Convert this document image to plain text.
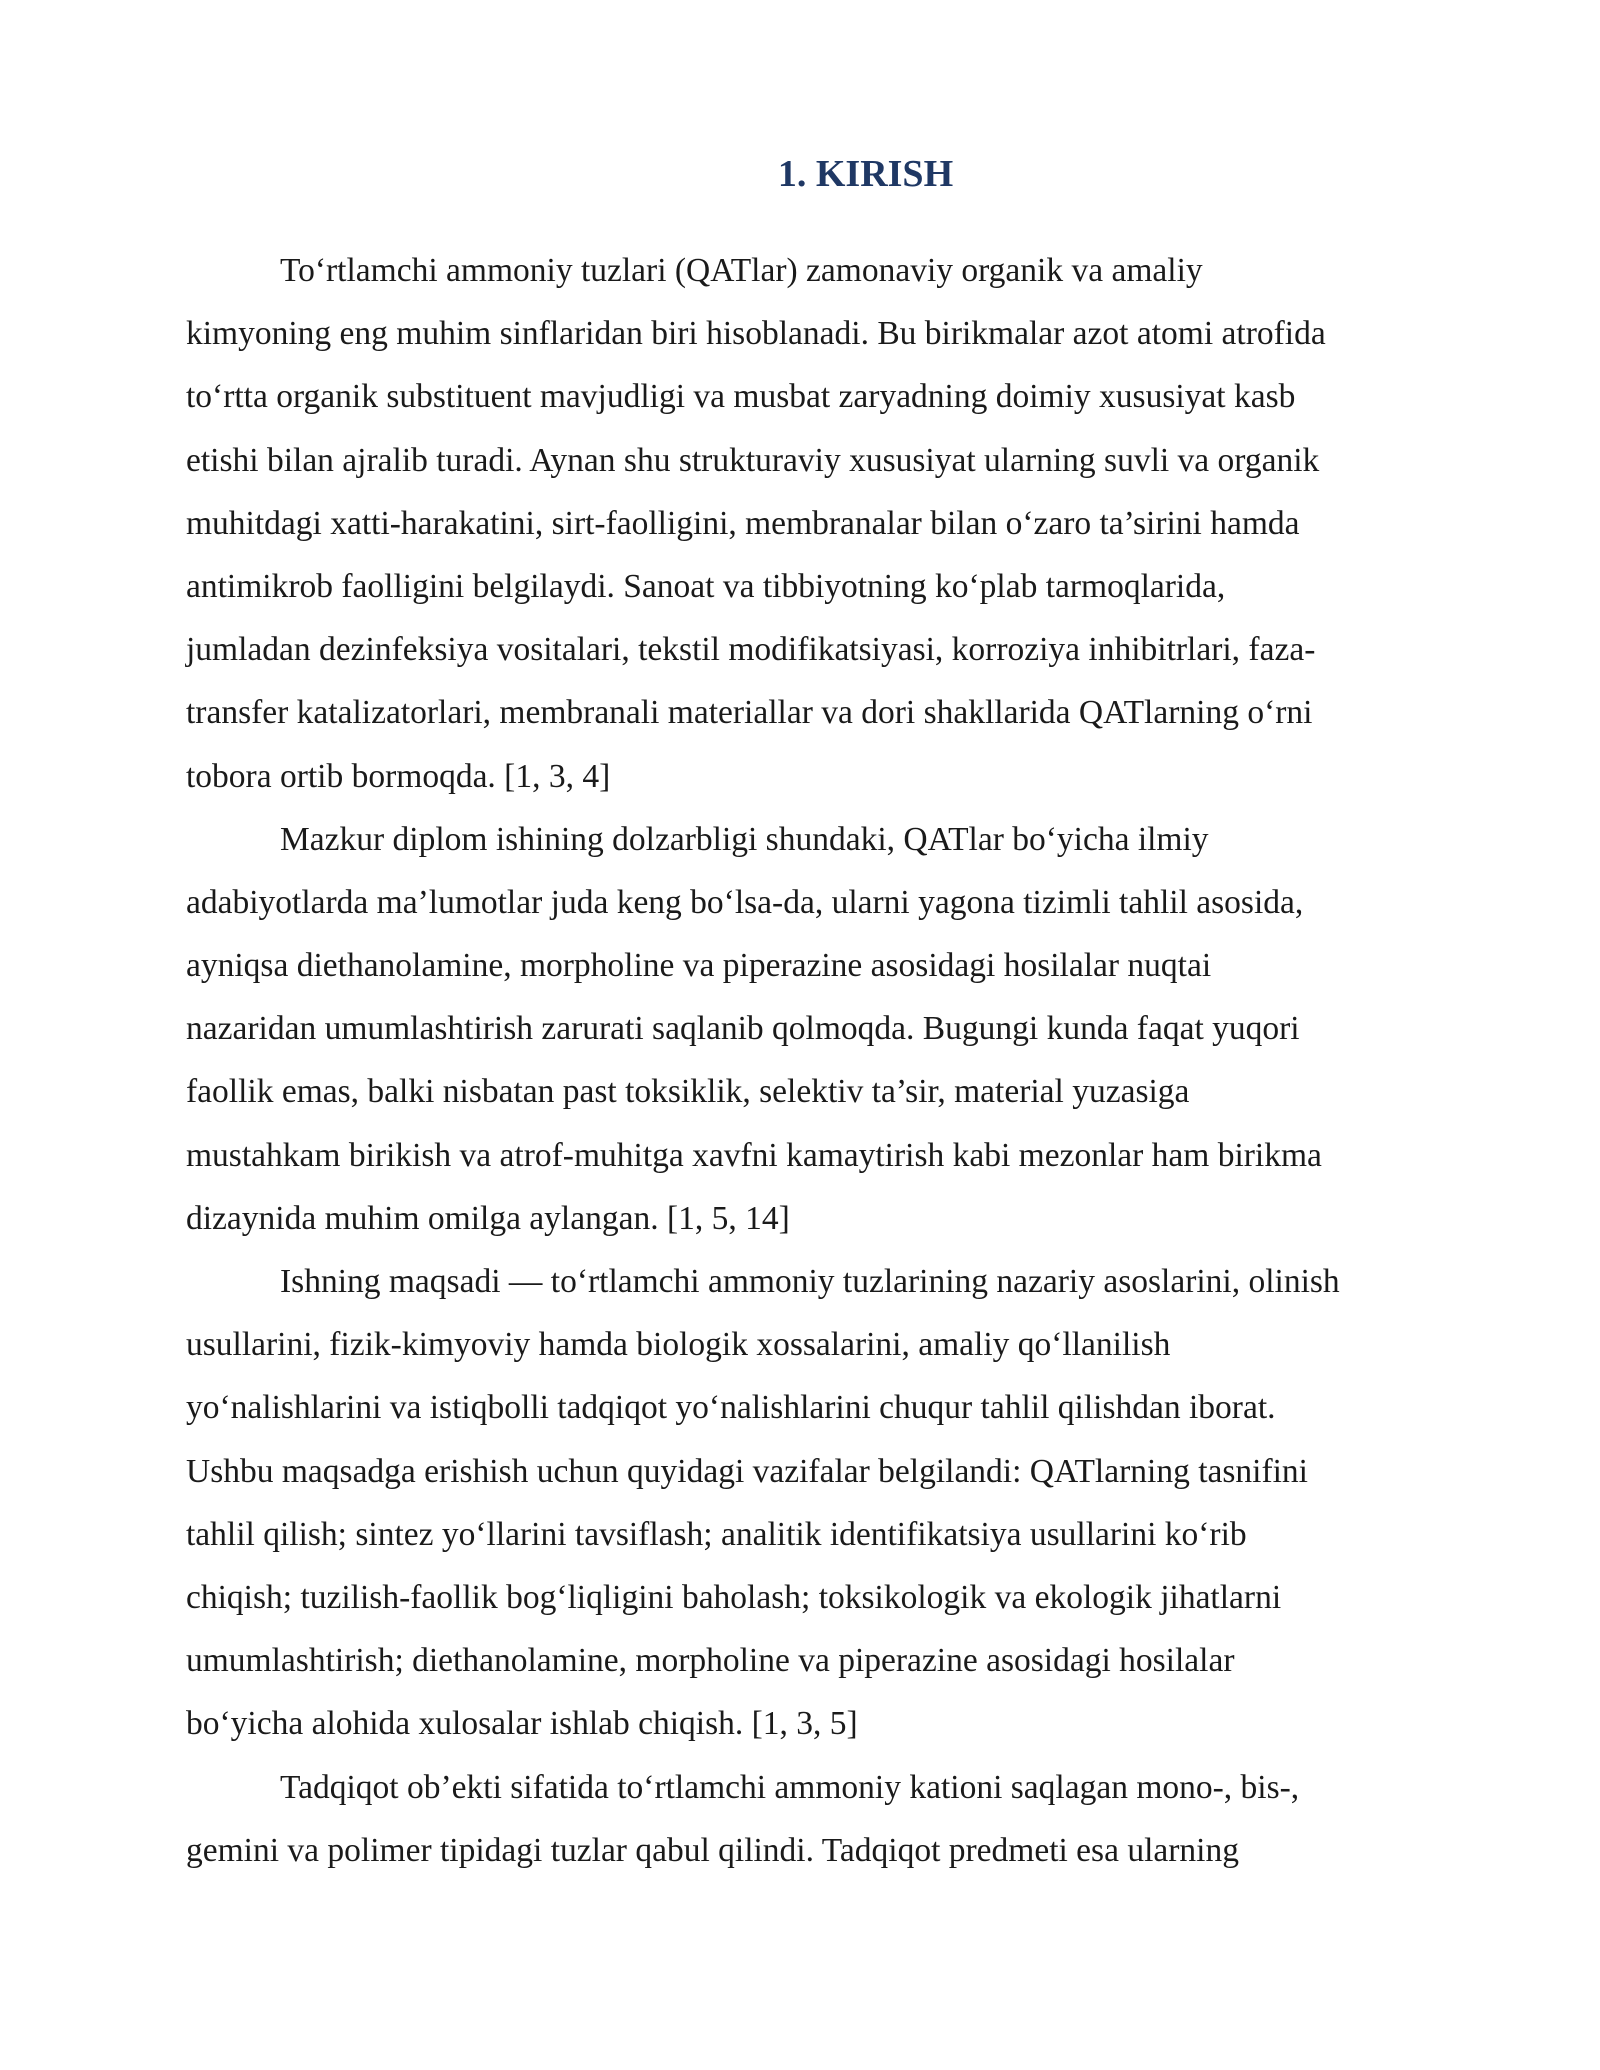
1. KIRISH
To‘rtlamchi ammoniy tuzlari (QATlar) zamonaviy organik va amaliy
kimyoning eng muhim sinflaridan biri hisoblanadi. Bu birikmalar azot atomi atrofida
to‘rtta organik substituent mavjudligi va musbat zaryadning doimiy xususiyat kasb
etishi bilan ajralib turadi. Aynan shu strukturaviy xususiyat ularning suvli va organik
muhitdagi xatti-harakatini, sirt-faolligini, membranalar bilan o‘zaro ta’sirini hamda
antimikrob faolligini belgilaydi. Sanoat va tibbiyotning ko‘plab tarmoqlarida,
jumladan dezinfeksiya vositalari, tekstil modifikatsiyasi, korroziya inhibitrlari, faza-
transfer katalizatorlari, membranali materiallar va dori shakllarida QATlarning o‘rni
tobora ortib bormoqda. [1, 3, 4]
Mazkur diplom ishining dolzarbligi shundaki, QATlar bo‘yicha ilmiy
adabiyotlarda ma’lumotlar juda keng bo‘lsa-da, ularni yagona tizimli tahlil asosida,
ayniqsa diethanolamine, morpholine va piperazine asosidagi hosilalar nuqtai
nazaridan umumlashtirish zarurati saqlanib qolmoqda. Bugungi kunda faqat yuqori
faollik emas, balki nisbatan past toksiklik, selektiv ta’sir, material yuzasiga
mustahkam birikish va atrof-muhitga xavfni kamaytirish kabi mezonlar ham birikma
dizaynida muhim omilga aylangan. [1, 5, 14]
Ishning maqsadi — to‘rtlamchi ammoniy tuzlarining nazariy asoslarini, olinish
usullarini, fizik-kimyoviy hamda biologik xossalarini, amaliy qo‘llanilish
yo‘nalishlarini va istiqbolli tadqiqot yo‘nalishlarini chuqur tahlil qilishdan iborat.
Ushbu maqsadga erishish uchun quyidagi vazifalar belgilandi: QATlarning tasnifini
tahlil qilish; sintez yo‘llarini tavsiflash; analitik identifikatsiya usullarini ko‘rib
chiqish; tuzilish-faollik bog‘liqligini baholash; toksikologik va ekologik jihatlarni
umumlashtirish; diethanolamine, morpholine va piperazine asosidagi hosilalar
bo‘yicha alohida xulosalar ishlab chiqish. [1, 3, 5]
Tadqiqot ob’ekti sifatida to‘rtlamchi ammoniy kationi saqlagan mono-, bis-,
gemini va polimer tipidagi tuzlar qabul qilindi. Tadqiqot predmeti esa ularning
